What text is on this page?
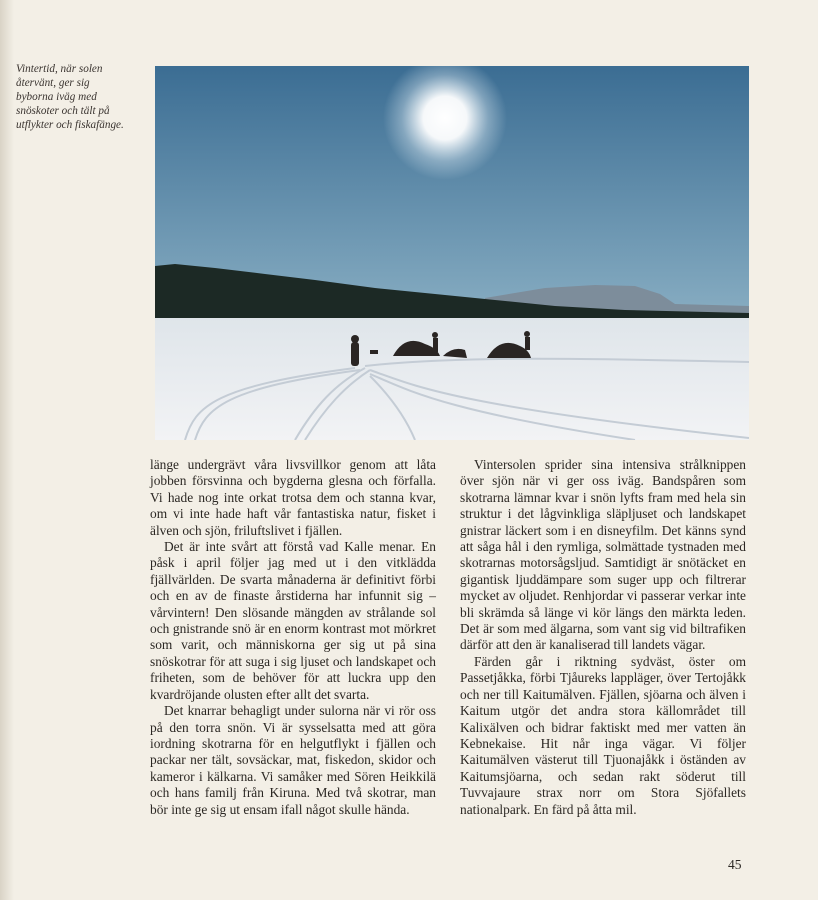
Vintertid, när solen
återvänt, ger sig
byborna iväg med
snöskoter och tält på
utflykter och fiskafänge.

länge undergrävt våra livsvillkor genom att låta jobben försvinna och bygderna glesna och förfalla. Vi hade nog inte orkat trotsa dem och stanna kvar, om vi inte hade haft vår fantastiska natur, fisket i älven och sjön, friluftslivet i fjällen.

Det är inte svårt att förstå vad Kalle menar. En påsk i april följer jag med ut i den vitklädda fjällvärlden. De svarta månaderna är definitivt förbi och en av de finaste årstiderna har infunnit sig – vårvintern! Den slösande mängden av strålande sol och gnistrande snö är en enorm kontrast mot mörkret som varit, och människorna ger sig ut på sina snöskotrar för att suga i sig ljuset och landskapet och friheten, som de behöver för att luckra upp den kvardröjande olusten efter allt det svarta.

Det knarrar behagligt under sulorna när vi rör oss på den torra snön. Vi är sysselsatta med att göra iordning skotrarna för en helgutflykt i fjällen och packar ner tält, sovsäckar, mat, fiskedon, skidor och kameror i kälkarna. Vi samåker med Sören Heikkilä och hans familj från Kiruna. Med två skotrar, man bör inte ge sig ut ensam ifall något skulle hända.

Vintersolen sprider sina intensiva strålknippen över sjön när vi ger oss iväg. Bandspåren som skotrarna lämnar kvar i snön lyfts fram med hela sin struktur i det lågvinkliga släpljuset och landskapet gnistrar läckert som i en disneyfilm. Det känns synd att såga hål i den rymliga, solmättade tystnaden med skotrarnas motorsågsljud. Samtidigt är snötäcket en gigantisk ljuddämpare som suger upp och filtrerar mycket av oljudet. Renhjordar vi passerar verkar inte bli skrämda så länge vi kör längs den märkta leden. Det är som med älgarna, som vant sig vid biltrafiken därför att den är kanaliserad till landets vägar.

Färden går i riktning sydväst, öster om Passetjåkka, förbi Tjåureks lappläger, över Tertojåkk och ner till Kaitumälven. Fjällen, sjöarna och älven i Kaitum utgör det andra stora källområdet till Kalixälven och bidrar faktiskt med mer vatten än Kebnekaise. Hit når inga vägar. Vi följer Kaitumälven västerut till Tjuonajåkk i öständen av Kaitumsjöarna, och sedan rakt söderut till Tuvvajaure strax norr om Stora Sjöfallets nationalpark. En färd på åtta mil.

45
